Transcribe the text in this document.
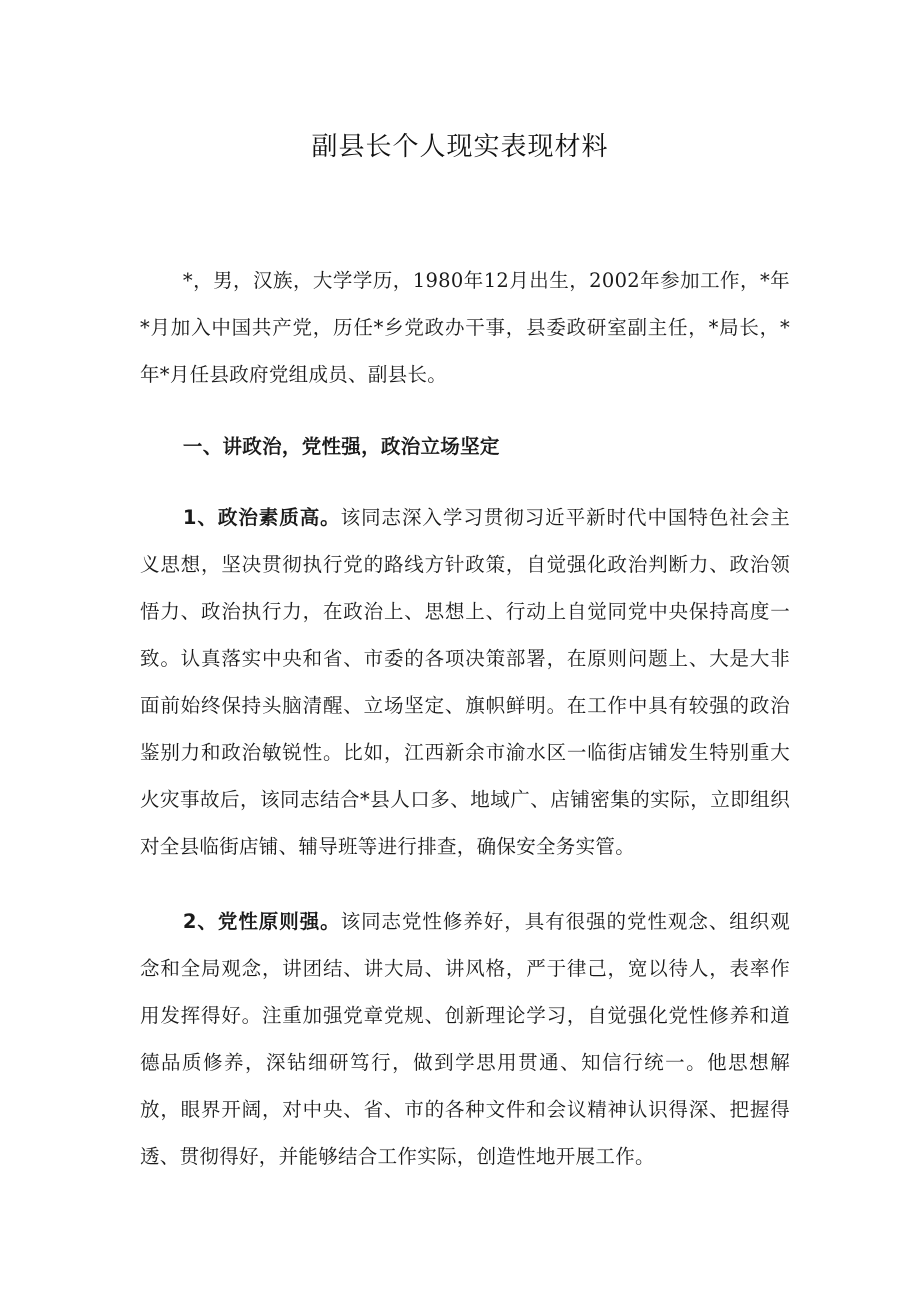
副县长个人现实表现材料

*，男，汉族，大学学历，1980年12月出生，2002年参加工作，*年*月加入中国共产党，历任*乡党政办干事，县委政研室副主任，*局长，*年*月任县政府党组成员、副县长。

一、讲政治，党性强，政治立场坚定

1、政治素质高。该同志深入学习贯彻习近平新时代中国特色社会主义思想，坚决贯彻执行党的路线方针政策，自觉强化政治判断力、政治领悟力、政治执行力，在政治上、思想上、行动上自觉同党中央保持高度一致。认真落实中央和省、市委的各项决策部署，在原则问题上、大是大非面前始终保持头脑清醒、立场坚定、旗帜鲜明。在工作中具有较强的政治鉴别力和政治敏锐性。比如，江西新余市渝水区一临街店铺发生特别重大火灾事故后，该同志结合*县人口多、地域广、店铺密集的实际，立即组织对全县临街店铺、辅导班等进行排查，确保安全务实管。

2、党性原则强。该同志党性修养好，具有很强的党性观念、组织观念和全局观念，讲团结、讲大局、讲风格，严于律己，宽以待人，表率作用发挥得好。注重加强党章党规、创新理论学习，自觉强化党性修养和道德品质修养，深钻细研笃行，做到学思用贯通、知信行统一。他思想解放，眼界开阔，对中央、省、市的各种文件和会议精神认识得深、把握得透、贯彻得好，并能够结合工作实际，创造性地开展工作。
